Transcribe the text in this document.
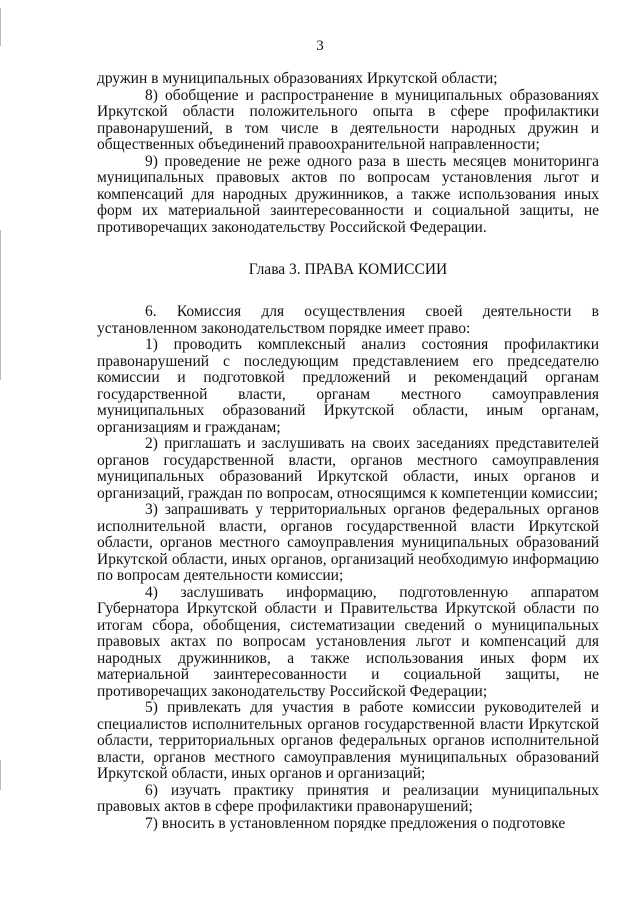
3

дружин в муниципальных образованиях Иркутской области;

8) обобщение и распространение в муниципальных образованиях Иркутской области положительного опыта в сфере профилактики правонарушений, в том числе в деятельности народных дружин и общественных объединений правоохранительной направленности;

9) проведение не реже одного раза в шесть месяцев мониторинга муниципальных правовых актов по вопросам установления льгот и компенсаций для народных дружинников, а также использования иных форм их материальной заинтересованности и социальной защиты, не противоречащих законодательству Российской Федерации.

Глава 3. ПРАВА КОМИССИИ

6. Комиссия для осуществления своей деятельности в установленном законодательством порядке имеет право:

1) проводить комплексный анализ состояния профилактики правонарушений с последующим представлением его председателю комиссии и подготовкой предложений и рекомендаций органам государственной власти, органам местного самоуправления муниципальных образований Иркутской области, иным органам, организациям и гражданам;

2) приглашать и заслушивать на своих заседаниях представителей органов государственной власти, органов местного самоуправления муниципальных образований Иркутской области, иных органов и организаций, граждан по вопросам, относящимся к компетенции комиссии;

3) запрашивать у территориальных органов федеральных органов исполнительной власти, органов государственной власти Иркутской области, органов местного самоуправления муниципальных образований Иркутской области, иных органов, организаций необходимую информацию по вопросам деятельности комиссии;

4) заслушивать информацию, подготовленную аппаратом Губернатора Иркутской области и Правительства Иркутской области по итогам сбора, обобщения, систематизации сведений о муниципальных правовых актах по вопросам установления льгот и компенсаций для народных дружинников, а также использования иных форм их материальной заинтересованности и социальной защиты, не противоречащих законодательству Российской Федерации;

5) привлекать для участия в работе комиссии руководителей и специалистов исполнительных органов государственной власти Иркутской области, территориальных органов федеральных органов исполнительной власти, органов местного самоуправления муниципальных образований Иркутской области, иных органов и организаций;

6) изучать практику принятия и реализации муниципальных правовых актов в сфере профилактики правонарушений;

7) вносить в установленном порядке предложения о подготовке
